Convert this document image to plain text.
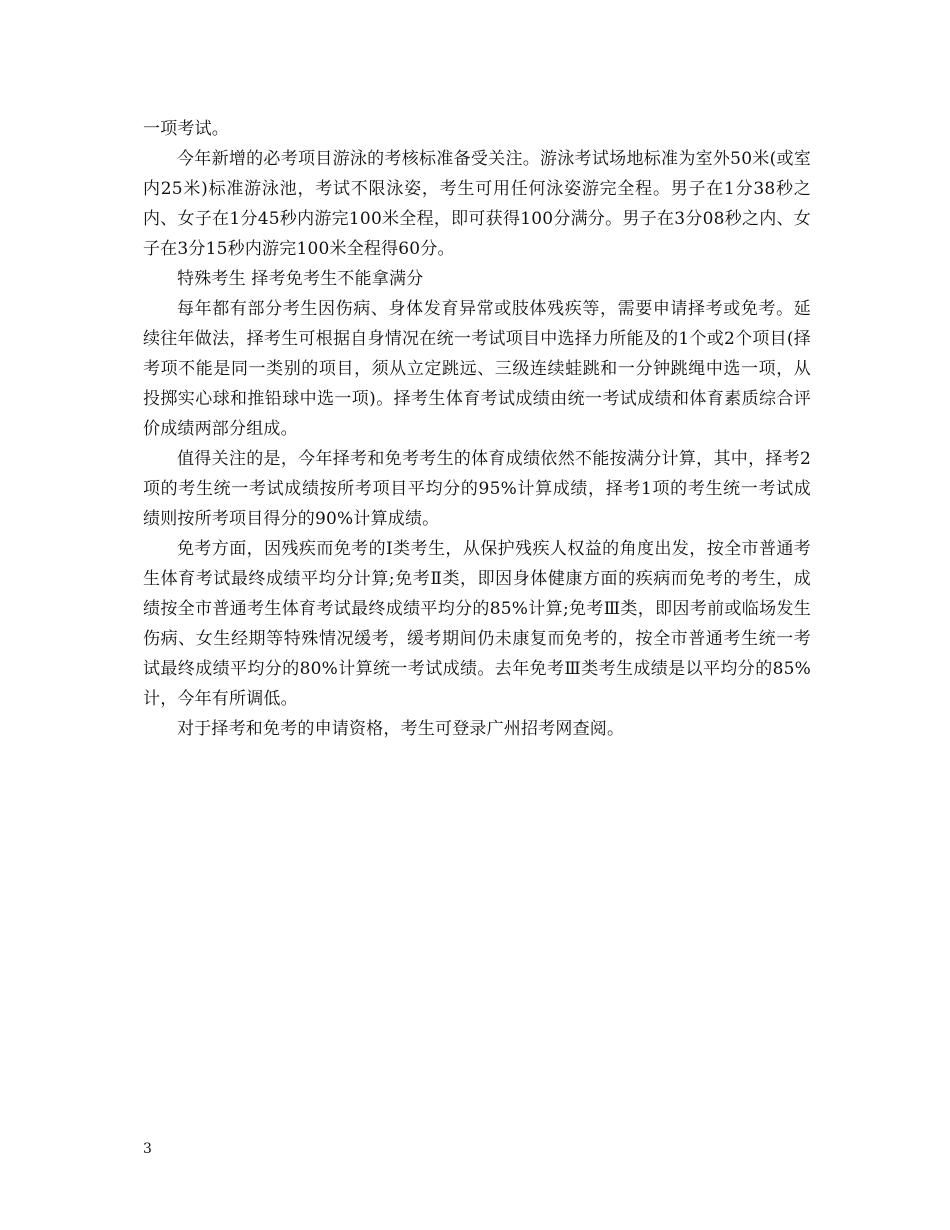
一项考试。

今年新增的必考项目游泳的考核标准备受关注。游泳考试场地标准为室外50米(或室内25米)标准游泳池，考试不限泳姿，考生可用任何泳姿游完全程。男子在1分38秒之内、女子在1分45秒内游完100米全程，即可获得100分满分。男子在3分08秒之内、女子在3分15秒内游完100米全程得60分。

特殊考生 择考免考生不能拿满分

每年都有部分考生因伤病、身体发育异常或肢体残疾等，需要申请择考或免考。延续往年做法，择考生可根据自身情况在统一考试项目中选择力所能及的1个或2个项目(择考项不能是同一类别的项目，须从立定跳远、三级连续蛙跳和一分钟跳绳中选一项，从投掷实心球和推铅球中选一项)。择考生体育考试成绩由统一考试成绩和体育素质综合评价成绩两部分组成。

值得关注的是，今年择考和免考考生的体育成绩依然不能按满分计算，其中，择考2项的考生统一考试成绩按所考项目平均分的95%计算成绩，择考1项的考生统一考试成绩则按所考项目得分的90%计算成绩。

免考方面，因残疾而免考的Ⅰ类考生，从保护残疾人权益的角度出发，按全市普通考生体育考试最终成绩平均分计算;免考Ⅱ类，即因身体健康方面的疾病而免考的考生，成绩按全市普通考生体育考试最终成绩平均分的85%计算;免考Ⅲ类，即因考前或临场发生伤病、女生经期等特殊情况缓考，缓考期间仍未康复而免考的，按全市普通考生统一考试最终成绩平均分的80%计算统一考试成绩。去年免考Ⅲ类考生成绩是以平均分的85%计，今年有所调低。

对于择考和免考的申请资格，考生可登录广州招考网查阅。

3
